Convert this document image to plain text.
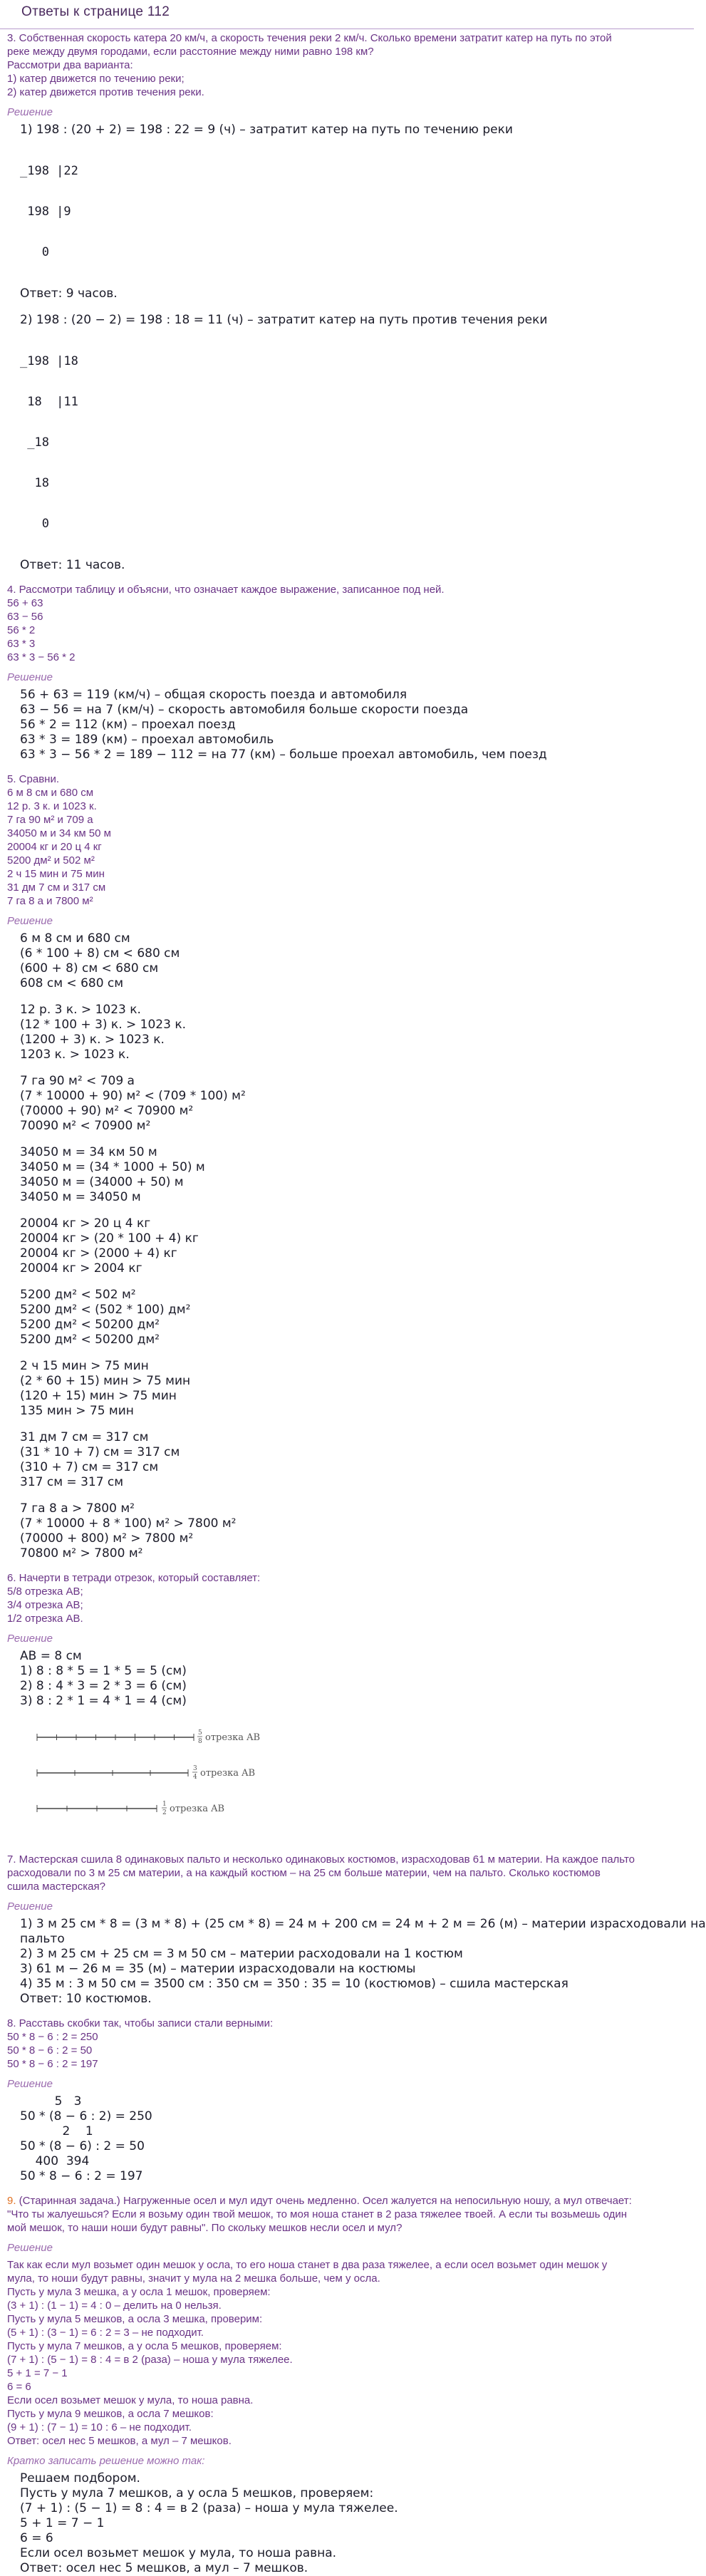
Ответы к странице 112
3. Собственная скорость катера 20 км/ч, а скорость течения реки 2 км/ч. Сколько времени затратит катер на путь по этой
реке между двумя городами, если расстояние между ними равно 198 км?
Рассмотри два варианта:
1) катер движется по течению реки;
2) катер движется против течения реки.
Решение
1) 198 : (20 + 2) = 198 : 22 = 9 (ч) – затратит катер на путь по течению реки

_198 |22

198 |9

0

Ответ: 9 часов.
2) 198 : (20 − 2) = 198 : 18 = 11 (ч) – затратит катер на путь против течения реки

_198 |18

18  |11

_18

18

0

Ответ: 11 часов.
4. Рассмотри таблицу и объясни, что означает каждое выражение, записанное под ней.
56 + 63
63 − 56
56 * 2
63 * 3
63 * 3 − 56 * 2
Решение
56 + 63 = 119 (км/ч) – общая скорость поезда и автомобиля
63 − 56 = на 7 (км/ч) – скорость автомобиля больше скорости поезда
56 * 2 = 112 (км) – проехал поезд
63 * 3 = 189 (км) – проехал автомобиль
63 * 3 − 56 * 2 = 189 − 112 = на 77 (км) – больше проехал автомобиль, чем поезд
5. Сравни.
6 м 8 см и 680 см
12 р. 3 к. и 1023 к.
7 га 90 м² и 709 а
34050 м и 34 км 50 м
20004 кг и 20 ц 4 кг
5200 дм² и 502 м²
2 ч 15 мин и 75 мин
31 дм 7 см и 317 см
7 га 8 а и 7800 м²
Решение
6 м 8 см и 680 см
(6 * 100 + 8) см < 680 см
(600 + 8) см < 680 см
608 см < 680 см
12 р. 3 к. > 1023 к.
(12 * 100 + 3) к. > 1023 к.
(1200 + 3) к. > 1023 к.
1203 к. > 1023 к.
7 га 90 м² < 709 а
(7 * 10000 + 90) м² < (709 * 100) м²
(70000 + 90) м² < 70900 м²
70090 м² < 70900 м²
34050 м = 34 км 50 м
34050 м = (34 * 1000 + 50) м
34050 м = (34000 + 50) м
34050 м = 34050 м
20004 кг > 20 ц 4 кг
20004 кг > (20 * 100 + 4) кг
20004 кг > (2000 + 4) кг
20004 кг > 2004 кг
5200 дм² < 502 м²
5200 дм² < (502 * 100) дм²
5200 дм² < 50200 дм²
5200 дм² < 50200 дм²
2 ч 15 мин > 75 мин
(2 * 60 + 15) мин > 75 мин
(120 + 15) мин > 75 мин
135 мин > 75 мин
31 дм 7 см = 317 см
(31 * 10 + 7) см = 317 см
(310 + 7) см = 317 см
317 см = 317 см
7 га 8 а > 7800 м²
(7 * 10000 + 8 * 100) м² > 7800 м²
(70000 + 800) м² > 7800 м²
70800 м² > 7800 м²
6. Начерти в тетради отрезок, который составляет:
5/8 отрезка АВ;
3/4 отрезка АВ;
1/2 отрезка АВ.
Решение
АВ = 8 см
1) 8 : 8 * 5 = 1 * 5 = 5 (см)
2) 8 : 4 * 3 = 2 * 3 = 6 (см)
3) 8 : 2 * 1 = 4 * 1 = 4 (см)
5
8 отрезка AB
3
4 отрезка AB
1
2 отрезка AB
7. Мастерская сшила 8 одинаковых пальто и несколько одинаковых костюмов, израсходовав 61 м материи. На каждое пальто
расходовали по 3 м 25 см материи, а на каждый костюм – на 25 см больше материи, чем на пальто. Сколько костюмов
сшила мастерская?
Решение
1) 3 м 25 см * 8 = (3 м * 8) + (25 см * 8) = 24 м + 200 см = 24 м + 2 м = 26 (м) – материи израсходовали на
пальто
2) 3 м 25 см + 25 см = 3 м 50 см – материи расходовали на 1 костюм
3) 61 м − 26 м = 35 (м) – материи израсходовали на костюмы
4) 35 м : 3 м 50 см = 3500 см : 350 см = 350 : 35 = 10 (костюмов) – сшила мастерская
Ответ: 10 костюмов.
8. Расставь скобки так, чтобы записи стали верными:
50 * 8 − 6 : 2 = 250
50 * 8 − 6 : 2 = 50
50 * 8 − 6 : 2 = 197
Решение
5   3
50 * (8 − 6 : 2) = 250
2    1
50 * (8 − 6) : 2 = 50
400  394
50 * 8 − 6 : 2 = 197
9. (Старинная задача.) Нагруженные осел и мул идут очень медленно. Осел жалуется на непосильную ношу, а мул отвечает:
"Что ты жалуешься? Если я возьму один твой мешок, то моя ноша станет в 2 раза тяжелее твоей. А если ты возьмешь один
мой мешок, то наши ноши будут равны". По скольку мешков несли осел и мул?
Решение
Так как если мул возьмет один мешок у осла, то его ноша станет в два раза тяжелее, а если осел возьмет один мешок у
мула, то ноши будут равны, значит у мула на 2 мешка больше, чем у осла.
Пусть у мула 3 мешка, а у осла 1 мешок, проверяем:
(3 + 1) : (1 − 1) = 4 : 0 – делить на 0 нельзя.
Пусть у мула 5 мешков, а осла 3 мешка, проверим:
(5 + 1) : (3 − 1) = 6 : 2 = 3 – не подходит.
Пусть у мула 7 мешков, а у осла 5 мешков, проверяем:
(7 + 1) : (5 − 1) = 8 : 4 = в 2 (раза) – ноша у мула тяжелее.
5 + 1 = 7 − 1
6 = 6
Если осел возьмет мешок у мула, то ноша равна.
Пусть у мула 9 мешков, а осла 7 мешков:
(9 + 1) : (7 − 1) = 10 : 6 – не подходит.
Ответ: осел нес 5 мешков, а мул – 7 мешков.
Кратко записать решение можно так:
Решаем подбором.
Пусть у мула 7 мешков, а у осла 5 мешков, проверяем:
(7 + 1) : (5 − 1) = 8 : 4 = в 2 (раза) – ноша у мула тяжелее.
5 + 1 = 7 − 1
6 = 6
Если осел возьмет мешок у мула, то ноша равна.
Ответ: осел нес 5 мешков, а мул – 7 мешков.
